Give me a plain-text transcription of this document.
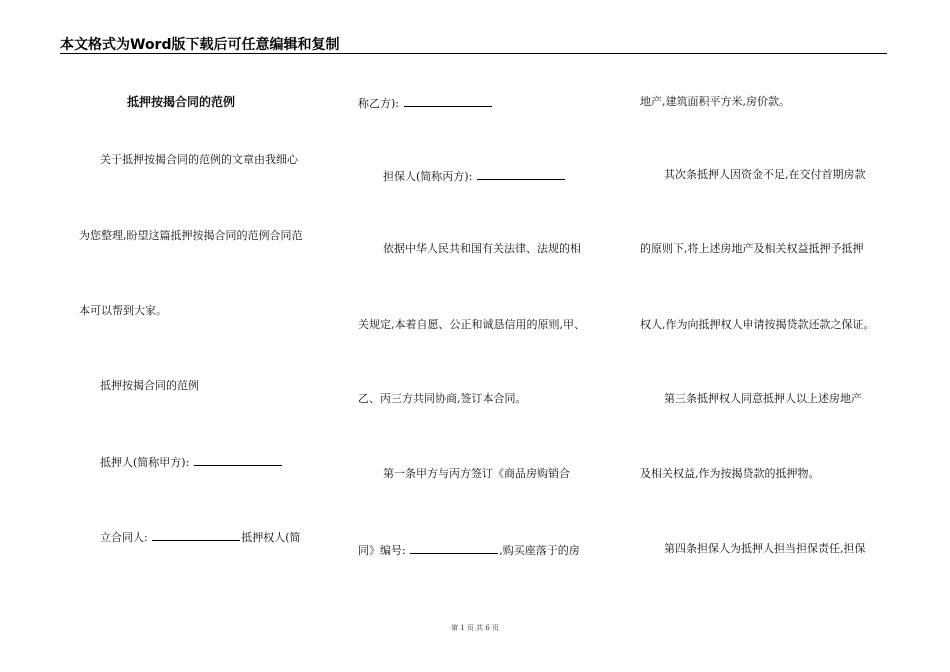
本文格式为Word版下载后可任意编辑和复制
抵押按揭合同的范例
关于抵押按揭合同的范例的文章由我细心
为您整理,盼望这篇抵押按揭合同的范例合同范
本可以帮到大家。
抵押按揭合同的范例
抵押人(简称甲方):
立合同人:	抵押权人(简
称乙方):
担保人(简称丙方):
依据中华人民共和国有关法律、法规的相
关规定,本着自愿、公正和诚恳信用的原则,甲、
乙、丙三方共同协商,签订本合同。
第一条甲方与丙方签订《商品房购销合
同》编号:	,购买座落于的房
地产,建筑面积平方米,房价款。
其次条抵押人因资金不足,在交付首期房款
的原则下,将上述房地产及相关权益抵押予抵押
权人,作为向抵押权人申请按揭贷款还款之保证。
第三条抵押权人同意抵押人以上述房地产
及相关权益,作为按揭贷款的抵押物。
第四条担保人为抵押人担当担保责任,担保
第 1 页 共 6 页
